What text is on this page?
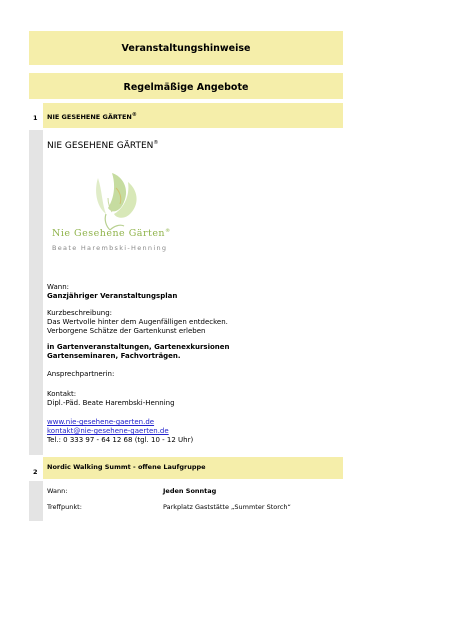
Veranstaltungshinweise
Regelmäßige Angebote
1 NIE GESEHENE GÄRTEN®
NIE GESEHENE GÄRTEN®
Nie Gesehene Gärten®
Beate Harembski-Henning
Wann:
Ganzjähriger Veranstaltungsplan
Kurzbeschreibung:
Das Wertvolle hinter dem Augenfälligen entdecken.
Verborgene Schätze der Gartenkunst erleben
in Gartenveranstaltungen, Gartenexkursionen
Gartenseminaren, Fachvorträgen.
Ansprechpartnerin:
Kontakt:
Dipl.-Päd. Beate Harembski-Henning
www.nie-gesehene-gaerten.de
kontakt@nie-gesehene-gaerten.de
Tel.: 0 333 97 - 64 12 68 (tgl. 10 - 12 Uhr)
2
Nordic Walking Summt - offene Laufgruppe
Wann:	Jeden Sonntag
Treffpunkt:	Parkplatz Gaststätte „Summter Storch“
